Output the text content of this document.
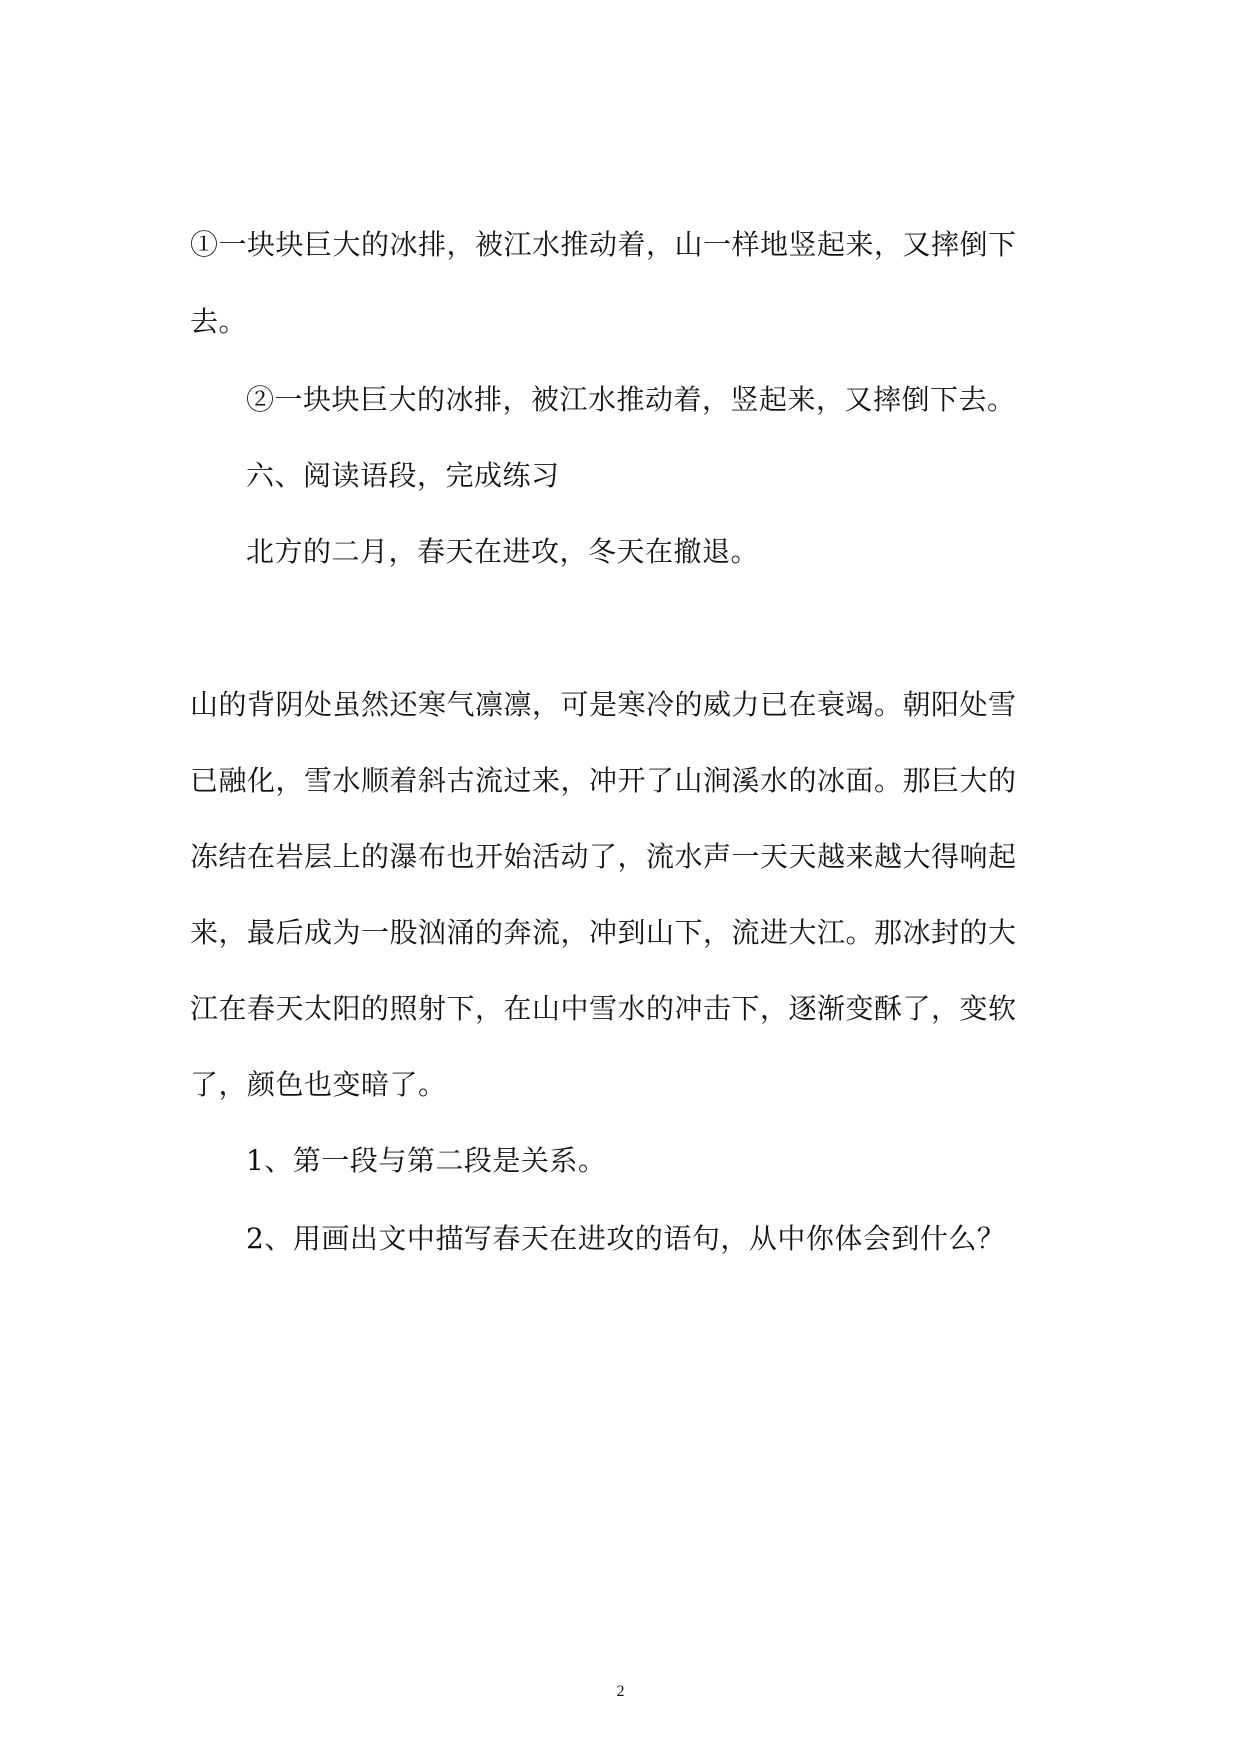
①一块块巨大的冰排，被江水推动着，山一样地竖起来，又摔倒下
去。
②一块块巨大的冰排，被江水推动着，竖起来，又摔倒下去。
六、阅读语段，完成练习
北方的二月，春天在进攻，冬天在撤退。
山的背阴处虽然还寒气凛凛，可是寒冷的威力已在衰竭。朝阳处雪
已融化，雪水顺着斜古流过来，冲开了山涧溪水的冰面。那巨大的
冻结在岩层上的瀑布也开始活动了，流水声一天天越来越大得响起
来，最后成为一股汹涌的奔流，冲到山下，流进大江。那冰封的大
江在春天太阳的照射下，在山中雪水的冲击下，逐渐变酥了，变软
了，颜色也变暗了。
1、第一段与第二段是关系。
2、用画出文中描写春天在进攻的语句，从中你体会到什么？
2
